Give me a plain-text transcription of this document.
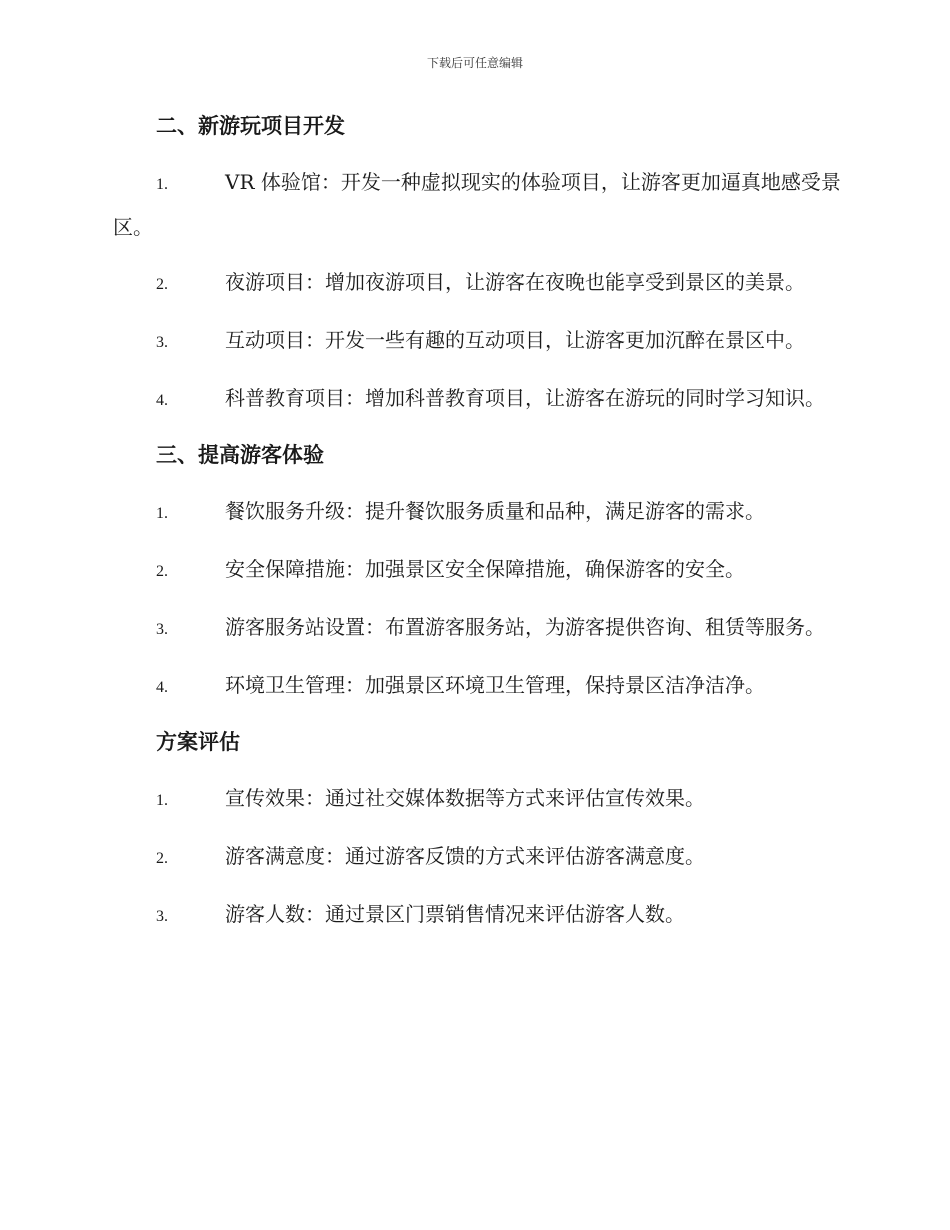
下载后可任意编辑
二、新游玩项目开发
1.	VR 体验馆：开发一种虚拟现实的体验项目，让游客更加逼真地感受景区。
2.	夜游项目：增加夜游项目，让游客在夜晚也能享受到景区的美景。
3.	互动项目：开发一些有趣的互动项目，让游客更加沉醉在景区中。
4.	科普教育项目：增加科普教育项目，让游客在游玩的同时学习知识。
三、提高游客体验
1.	餐饮服务升级：提升餐饮服务质量和品种，满足游客的需求。
2.	安全保障措施：加强景区安全保障措施，确保游客的安全。
3.	游客服务站设置：布置游客服务站，为游客提供咨询、租赁等服务。
4.	环境卫生管理：加强景区环境卫生管理，保持景区洁净洁净。
方案评估
1.	宣传效果：通过社交媒体数据等方式来评估宣传效果。
2.	游客满意度：通过游客反馈的方式来评估游客满意度。
3.	游客人数：通过景区门票销售情况来评估游客人数。
